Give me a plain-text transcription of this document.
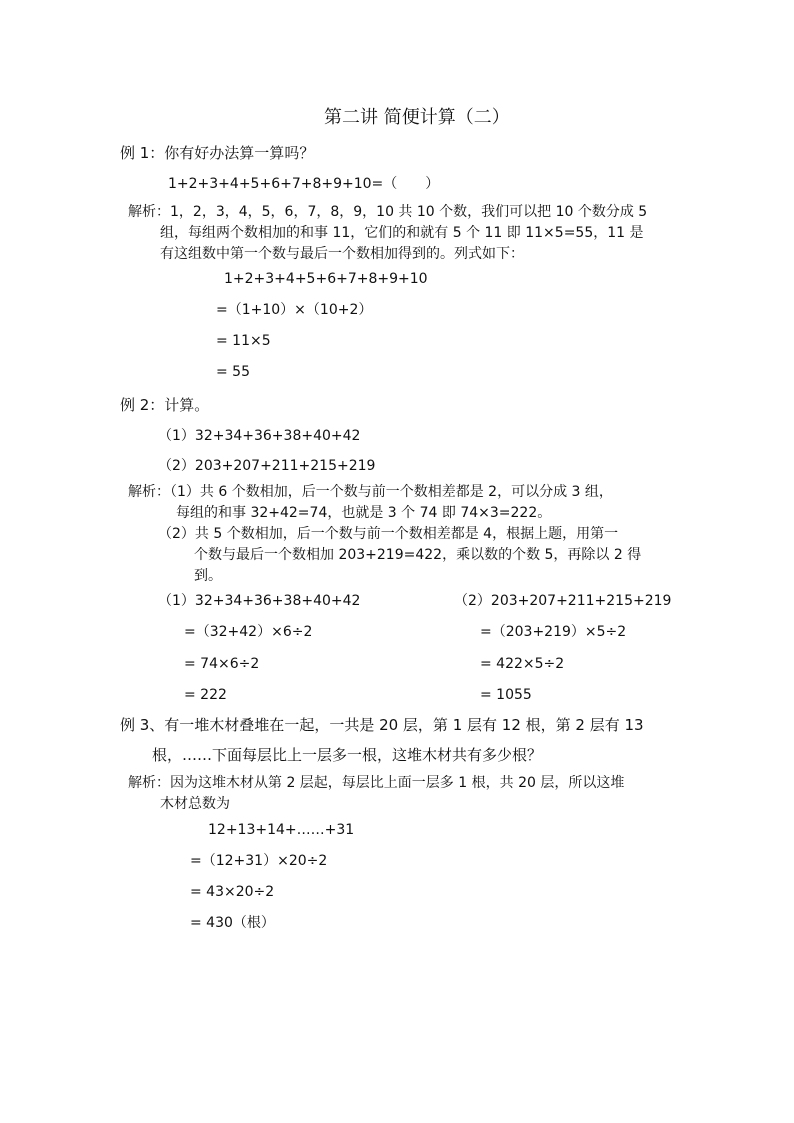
第二讲 简便计算（二）
例 1：你有好办法算一算吗？
1+2+3+4+5+6+7+8+9+10=（　　）
解析：1，2，3，4，5，6，7，8，9，10 共 10 个数，我们可以把 10 个数分成 5
组，每组两个数相加的和事 11，它们的和就有 5 个 11 即 11×5=55，11 是
有这组数中第一个数与最后一个数相加得到的。列式如下：
1+2+3+4+5+6+7+8+9+10
=（1+10）×（10+2）
= 11×5
= 55
例 2：计算。
（1）32+34+36+38+40+42
（2）203+207+211+215+219
解析：（1）共 6 个数相加，后一个数与前一个数相差都是 2，可以分成 3 组，
每组的和事 32+42=74，也就是 3 个 74 即 74×3=222。
（2）共 5 个数相加，后一个数与前一个数相差都是 4，根据上题，用第一
个数与最后一个数相加 203+219=422，乘以数的个数 5，再除以 2 得
到。
（1）32+34+36+38+40+42
=（32+42）×6÷2
= 74×6÷2
= 222
（2）203+207+211+215+219
=（203+219）×5÷2
= 422×5÷2
= 1055
例 3、有一堆木材叠堆在一起，一共是 20 层，第 1 层有 12 根，第 2 层有 13
根，……下面每层比上一层多一根，这堆木材共有多少根？
解析：因为这堆木材从第 2 层起，每层比上面一层多 1 根，共 20 层，所以这堆
木材总数为
12+13+14+……+31
=（12+31）×20÷2
= 43×20÷2
= 430（根）
